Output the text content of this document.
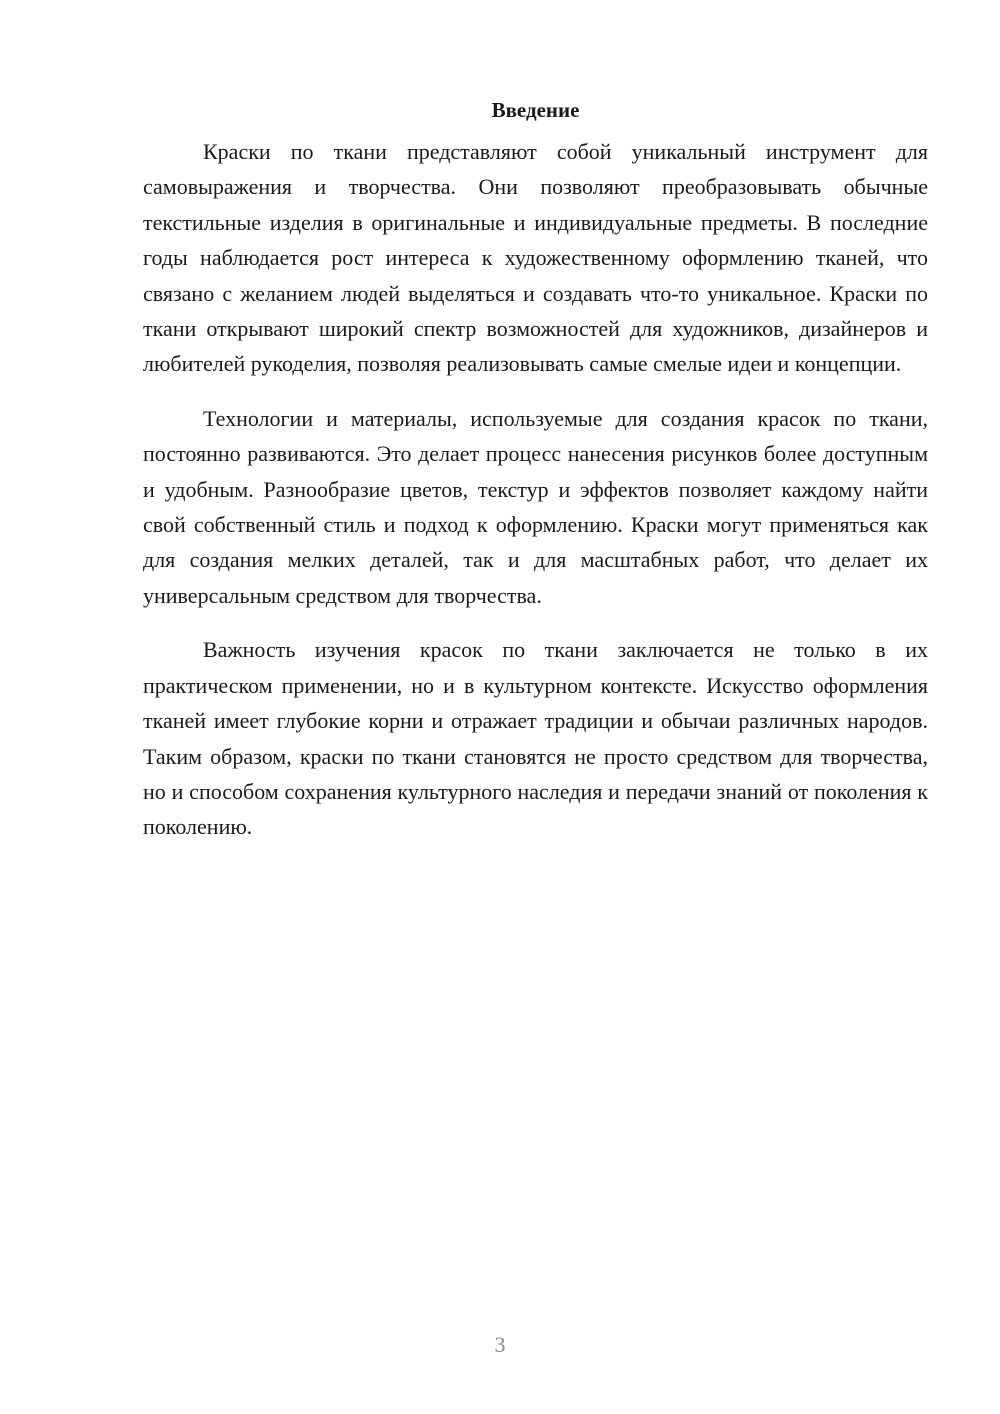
Введение

Краски по ткани представляют собой уникальный инструмент для самовыражения и творчества. Они позволяют преобразовывать обычные текстильные изделия в оригинальные и индивидуальные предметы. В последние годы наблюдается рост интереса к художественному оформлению тканей, что связано с желанием людей выделяться и создавать что-то уникальное. Краски по ткани открывают широкий спектр возможностей для художников, дизайнеров и любителей рукоделия, позволяя реализовывать самые смелые идеи и концепции.

Технологии и материалы, используемые для создания красок по ткани, постоянно развиваются. Это делает процесс нанесения рисунков более доступным и удобным. Разнообразие цветов, текстур и эффектов позволяет каждому найти свой собственный стиль и подход к оформлению. Краски могут применяться как для создания мелких деталей, так и для масштабных работ, что делает их универсальным средством для творчества.

Важность изучения красок по ткани заключается не только в их практическом применении, но и в культурном контексте. Искусство оформления тканей имеет глубокие корни и отражает традиции и обычаи различных народов. Таким образом, краски по ткани становятся не просто средством для творчества, но и способом сохранения культурного наследия и передачи знаний от поколения к поколению.

3
